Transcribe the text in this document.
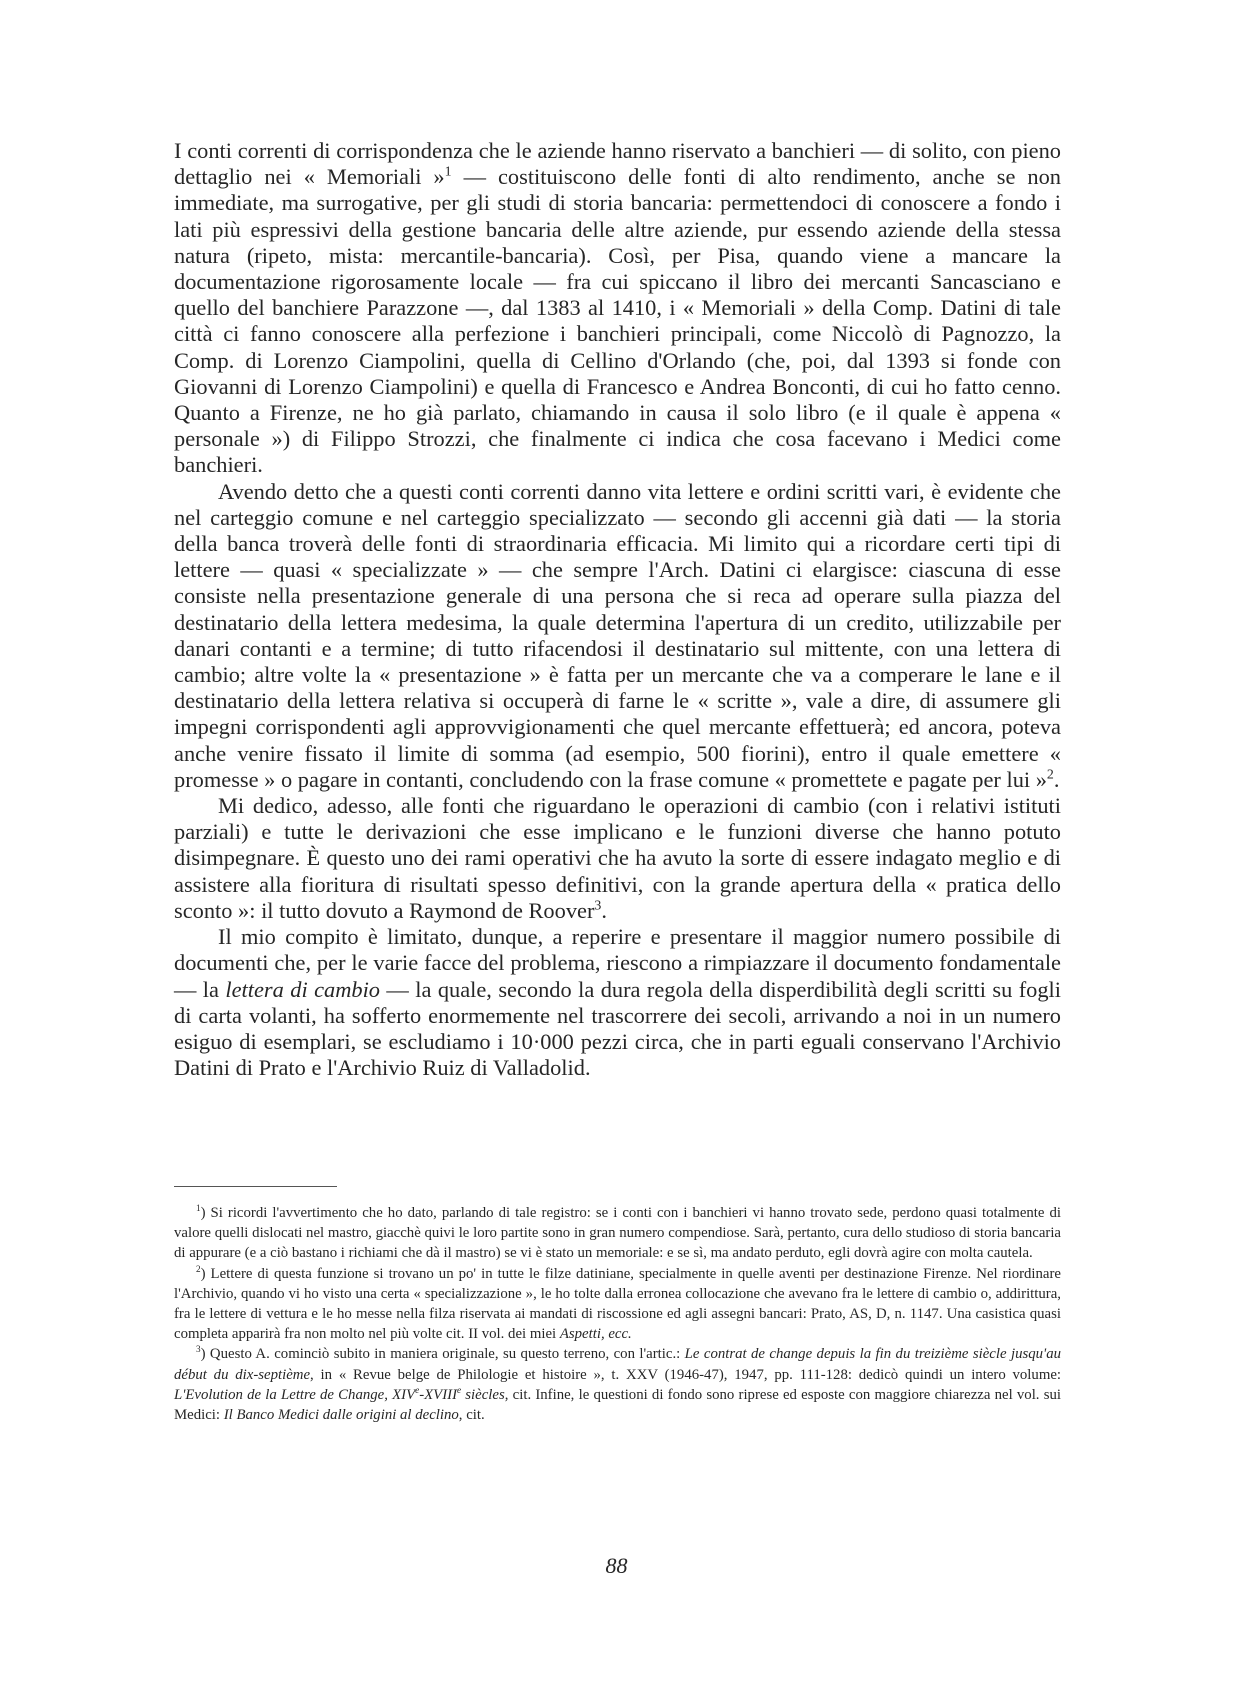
I conti correnti di corrispondenza che le aziende hanno riservato a banchieri — di solito, con pieno dettaglio nei « Memoriali »$^1$ — costituiscono delle fonti di alto rendimento, anche se non immediate, ma surrogative, per gli studi di storia bancaria: permettendoci di conoscere a fondo i lati più espressivi della gestione bancaria delle altre aziende, pur essendo aziende della stessa natura (ripeto, mista: mercantile-bancaria). Così, per Pisa, quando viene a mancare la documentazione rigorosamente locale — fra cui spiccano il libro dei mercanti Sancasciano e quello del banchiere Parazzone —, dal 1383 al 1410, i « Memoriali » della Comp. Datini di tale città ci fanno conoscere alla perfezione i banchieri principali, come Niccolò di Pagnozzo, la Comp. di Lorenzo Ciampolini, quella di Cellino d'Orlando (che, poi, dal 1393 si fonde con Giovanni di Lorenzo Ciampolini) e quella di Francesco e Andrea Bonconti, di cui ho fatto cenno. Quanto a Firenze, ne ho già parlato, chiamando in causa il solo libro (e il quale è appena « personale ») di Filippo Strozzi, che finalmente ci indica che cosa facevano i Medici come banchieri.

Avendo detto che a questi conti correnti danno vita lettere e ordini scritti vari, è evidente che nel carteggio comune e nel carteggio specializzato — secondo gli accenni già dati — la storia della banca troverà delle fonti di straordinaria efficacia. Mi limito qui a ricordare certi tipi di lettere — quasi « specializzate » — che sempre l'Arch. Datini ci elargisce: ciascuna di esse consiste nella presentazione generale di una persona che si reca ad operare sulla piazza del destinatario della lettera medesima, la quale determina l'apertura di un credito, utilizzabile per danari contanti e a termine; di tutto rifacendosi il destinatario sul mittente, con una lettera di cambio; altre volte la « presentazione » è fatta per un mercante che va a comperare le lane e il destinatario della lettera relativa si occuperà di farne le « scritte », vale a dire, di assumere gli impegni corrispondenti agli approvvigionamenti che quel mercante effettuerà; ed ancora, poteva anche venire fissato il limite di somma (ad esempio, 500 fiorini), entro il quale emettere « promesse » o pagare in contanti, concludendo con la frase comune « promettete e pagate per lui »$^2$.

Mi dedico, adesso, alle fonti che riguardano le operazioni di cambio (con i relativi istituti parziali) e tutte le derivazioni che esse implicano e le funzioni diverse che hanno potuto disimpegnare. È questo uno dei rami operativi che ha avuto la sorte di essere indagato meglio e di assistere alla fioritura di risultati spesso definitivi, con la grande apertura della « pratica dello sconto »: il tutto dovuto a Raymond de Roover$^3$.

Il mio compito è limitato, dunque, a reperire e presentare il maggior numero possibile di documenti che, per le varie facce del problema, riescono a rimpiazzare il documento fondamentale — la lettera di cambio — la quale, secondo la dura regola della disperdibilità degli scritti su fogli di carta volanti, ha sofferto enormemente nel trascorrere dei secoli, arrivando a noi in un numero esiguo di esemplari, se escludiamo i 10·000 pezzi circa, che in parti eguali conservano l'Archivio Datini di Prato e l'Archivio Ruiz di Valladolid.

$^1$) Si ricordi l'avvertimento che ho dato, parlando di tale registro: se i conti con i banchieri vi hanno trovato sede, perdono quasi totalmente di valore quelli dislocati nel mastro, giacchè quivi le loro partite sono in gran numero compendiose. Sarà, pertanto, cura dello studioso di storia bancaria di appurare (e a ciò bastano i richiami che dà il mastro) se vi è stato un memoriale: e se sì, ma andato perduto, egli dovrà agire con molta cautela.

$^2$) Lettere di questa funzione si trovano un po' in tutte le filze datiniane, specialmente in quelle aventi per destinazione Firenze. Nel riordinare l'Archivio, quando vi ho visto una certa « specializzazione », le ho tolte dalla erronea collocazione che avevano fra le lettere di cambio o, addirittura, fra le lettere di vettura e le ho messe nella filza riservata ai mandati di riscossione ed agli assegni bancari: Prato, AS, D, n. 1147. Una casistica quasi completa apparirà fra non molto nel più volte cit. II vol. dei miei Aspetti, ecc.

$^3$) Questo A. cominciò subito in maniera originale, su questo terreno, con l'artic.: Le contrat de change depuis la fin du treizième siècle jusqu'au début du dix-septième, in « Revue belge de Philologie et histoire », t. XXV (1946-47), 1947, pp. 111-128: dedicò quindi un intero volume: L'Evolution de la Lettre de Change, XIVe-XVIIIe siècles, cit. Infine, le questioni di fondo sono riprese ed esposte con maggiore chiarezza nel vol. sui Medici: Il Banco Medici dalle origini al declino, cit.

88
